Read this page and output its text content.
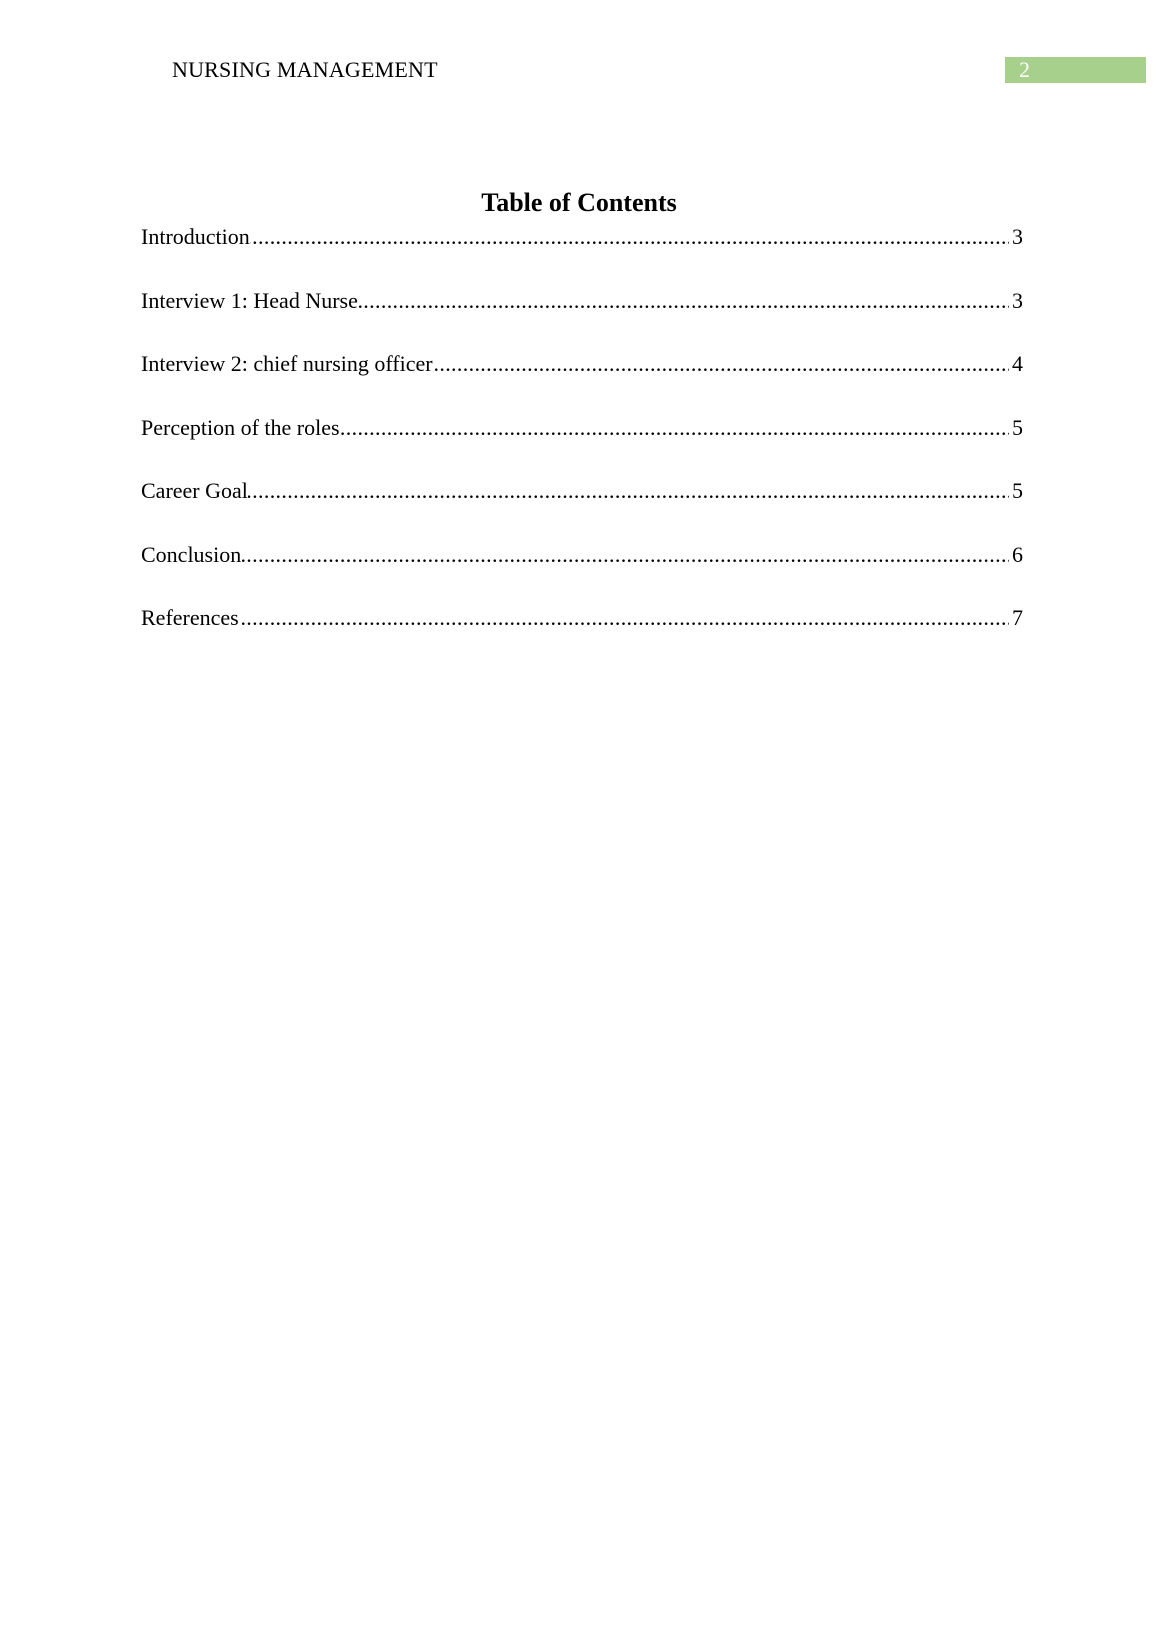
NURSING MANAGEMENT	2
Table of Contents
.....
Introduction	3
.....
Interview 1: Head Nurse	3
.....
Interview 2: chief nursing officer	4
.....
Perception of the roles	5
.....
Career Goal	5
.....
Conclusion	6
.....
References	7
